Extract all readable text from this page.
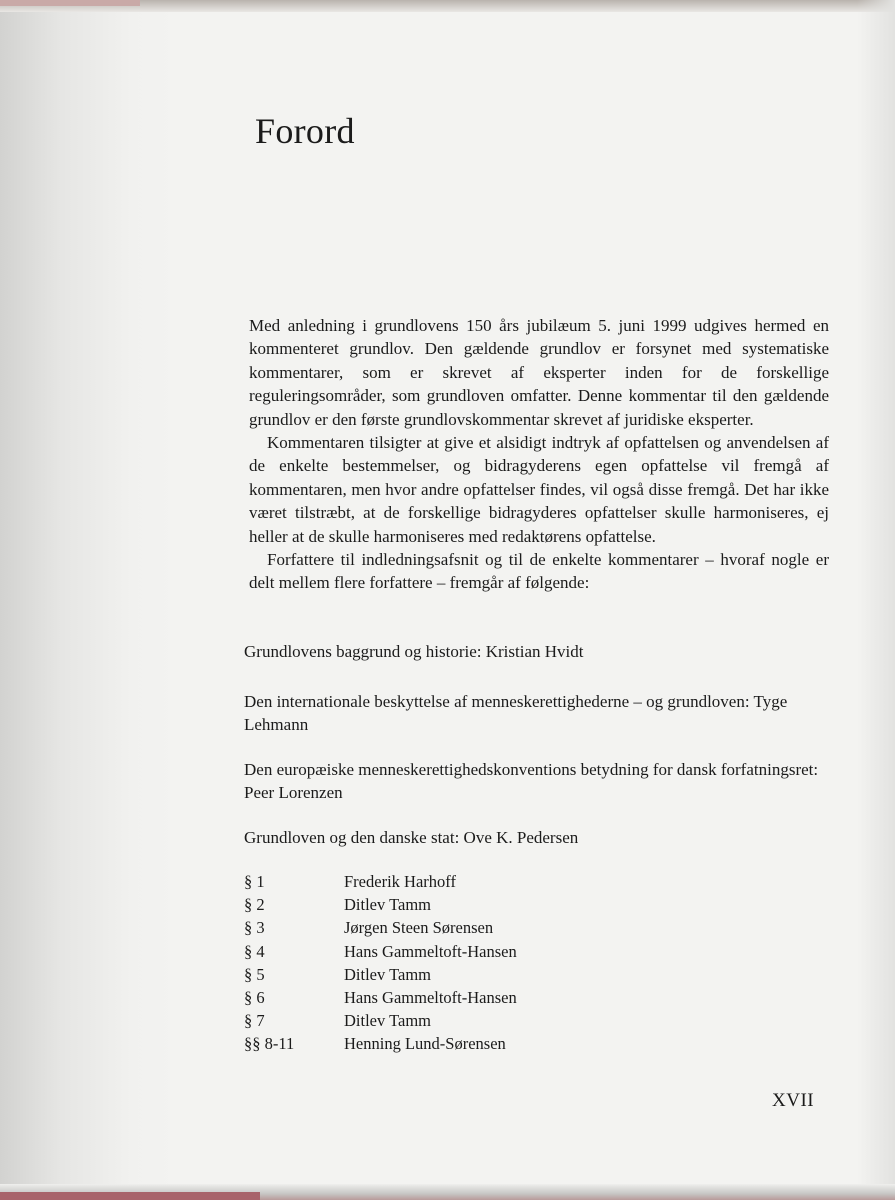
Forord

Med anledning i grundlovens 150 års jubilæum 5. juni 1999 udgives hermed en kommenteret grundlov. Den gældende grundlov er forsynet med systematiske kommentarer, som er skrevet af eksperter inden for de forskellige reguleringsområder, som grundloven omfatter. Denne kommentar til den gældende grundlov er den første grundlovskommentar skrevet af juridiske eksperter.

Kommentaren tilsigter at give et alsidigt indtryk af opfattelsen og anvendelsen af de enkelte bestemmelser, og bidragyderens egen opfattelse vil fremgå af kommentaren, men hvor andre opfattelser findes, vil også disse fremgå. Det har ikke været tilstræbt, at de forskellige bidragyderes opfattelser skulle harmoniseres, ej heller at de skulle harmoniseres med redaktørens opfattelse.

Forfattere til indledningsafsnit og til de enkelte kommentarer – hvoraf nogle er delt mellem flere forfattere – fremgår af følgende:

Grundlovens baggrund og historie: Kristian Hvidt

Den internationale beskyttelse af menneskerettighederne – og grundloven: Tyge Lehmann

Den europæiske menneskerettighedskonventions betydning for dansk forfatningsret: Peer Lorenzen

Grundloven og den danske stat: Ove K. Pedersen

§ 1	Frederik Harhoff
§ 2	Ditlev Tamm
§ 3	Jørgen Steen Sørensen
§ 4	Hans Gammeltoft-Hansen
§ 5	Ditlev Tamm
§ 6	Hans Gammeltoft-Hansen
§ 7	Ditlev Tamm
§§ 8-11	Henning Lund-Sørensen
XVII
